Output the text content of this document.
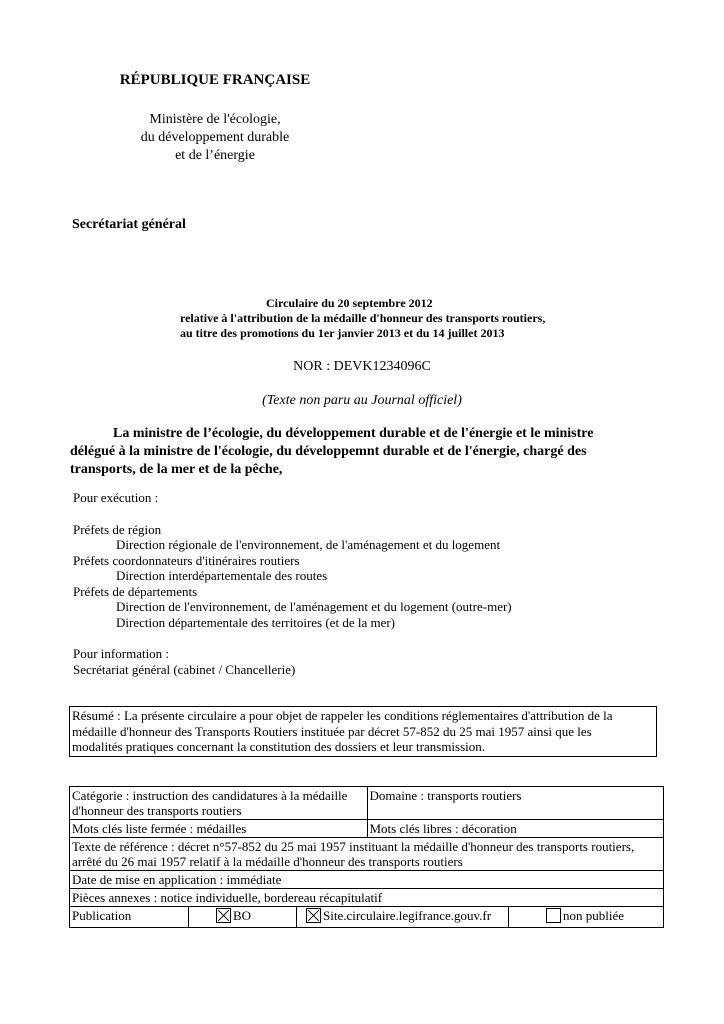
RÉPUBLIQUE FRANÇAISE
Ministère de l'écologie,
du développement durable
et de l’énergie
Secrétariat général
Circulaire du 20 septembre 2012
relative à l'attribution de la médaille d'honneur des transports routiers,
au titre des promotions du 1er janvier 2013 et du 14 juillet 2013
NOR : DEVK1234096C
(Texte non paru au Journal officiel)
La ministre de l’écologie, du développement durable et de l'énergie et le ministre
délégué à la ministre de l'écologie, du développemnt durable et de l'énergie, chargé des
transports, de la mer et de la pêche,
Pour exécution :
Préfets de région
Direction régionale de l'environnement, de l'aménagement et du logement
Préfets coordonnateurs d'itinéraires routiers
Direction interdépartementale des routes
Préfets de départements
Direction de l'environnement, de l'aménagement et du logement (outre-mer)
Direction départementale des territoires (et de la mer)
Pour information :
Secrétariat général (cabinet / Chancellerie)
Résumé : La présente circulaire a pour objet de rappeler les conditions réglementaires d'attribution de la
médaille d'honneur des Transports Routiers instituée par décret 57-852 du 25 mai 1957 ainsi que les
modalités pratiques concernant la constitution des dossiers et leur transmission.
Catégorie : instruction des candidatures à la médaille
d'honneur des transports routiers	Domaine : transports routiers
Mots clés liste fermée : médailles	Mots clés libres : décoration

Texte de référence : décret n°57-852 du 25 mai 1957 instituant la médaille d'honneur des transports routiers,
arrêté du 26 mai 1957 relatif à la médaille d'honneur des transports routiers	

Date de mise en application : immédiate	
Pièces annexes : notice individuelle, bordereau récapitulatif	

Publication BO Site.circulaire.legifrance.gouv.fr non publiée	
